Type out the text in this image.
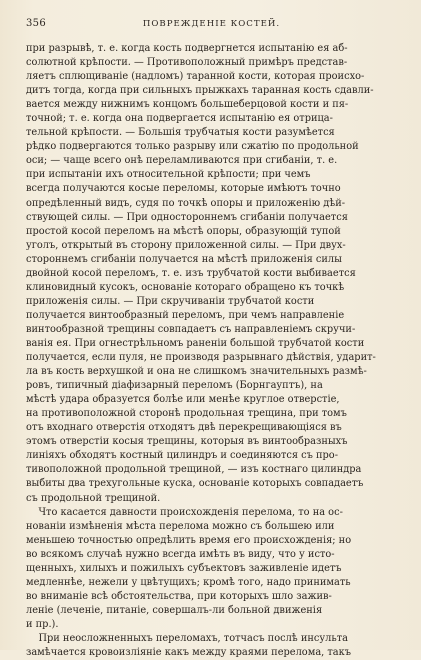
356	ПОВРЕЖДЕНІЕ КОСТЕЙ.

при разрывѣ, т. е. когда кость подвергнется испытанію ея аб-
солютной крѣпости. — Противоположный примѣръ представ-
ляетъ сплющиваніе (надломъ) таранной кости, которая происхо-
дитъ тогда, когда при сильныхъ прыжкахъ таранная кость сдавли-
вается между нижнимъ концомъ большеберцовой кости и пя-
точной; т. е. когда она подвергается испытанію ея отрица-
тельной крѣпости. — Большія трубчатыя кости разумѣется
рѣдко подвергаются только разрыву или сжатію по продольной
оси; — чаще всего онѣ переламливаются при сгибаніи, т. е.
при испытаніи ихъ относительной крѣпости; при чемъ
всегда получаются косые переломы, которые имѣютъ точно
опредѣленный видъ, судя по точкѣ опоры и приложенію дѣй-
ствующей силы. — При одностороннемъ сгибаніи получается
простой косой переломъ на мѣстѣ опоры, образующій тупой
уголъ, открытый въ сторону приложенной силы. — При двух-
стороннемъ сгибаніи получается на мѣстѣ приложенія силы
двойной косой переломъ, т. е. изъ трубчатой кости выбивается
клиновидный кусокъ, основаніе котораго обращено къ точкѣ
приложенія силы. — При скручиваніи трубчатой кости
получается винтообразный переломъ, при чемъ направленіе
винтообразной трещины совпадаетъ съ направленіемъ скручи-
ванія ея. При огнестрѣльномъ раненіи большой трубчатой кости
получается, если пуля, не производя разрывнаго дѣйствія, ударит-
ла въ кость верхушкой и она не слишкомъ значительныхъ размѣ-
ровъ, типичный діафизарный переломъ (Борнгауптъ), на
мѣстѣ удара образуется болѣе или менѣе круглое отверстіе,
на противоположной сторонѣ продольная трещина, при томъ
отъ входнаго отверстія отходятъ двѣ перекрещивающіяся въ
этомъ отверстіи косыя трещины, которыя въ винтообразныхъ
линіяхъ обходятъ костный цилиндръ и соединяются съ про-
тивоположной продольной трещиной, — изъ костнаго цилиндра
выбиты два трехугольные куска, основаніе которыхъ совпадаетъ
съ продольной трещиной.

Что касается давности происхожденія перелома, то на ос-
нованіи измѣненія мѣста перелома можно съ большею или
меньшею точностью опредѣлить время его происхожденія; но
во всякомъ случаѣ нужно всегда имѣть въ виду, что у истo-
щенныхъ, хилыхъ и пожилыхъ субъектовъ заживленіе идетъ
медленнѣе, нежели у цвѣтущихъ; кромѣ того, надо принимать
во вниманіе всѣ обстоятельства, при которыхъ шло зажив-
леніе (леченіе, питаніе, совершалъ-ли больной движенія
и пр.).

При неосложненныхъ переломахъ, тотчасъ послѣ инсульта
замѣчается кровоизліяніе какъ между краями перелома, такъ
